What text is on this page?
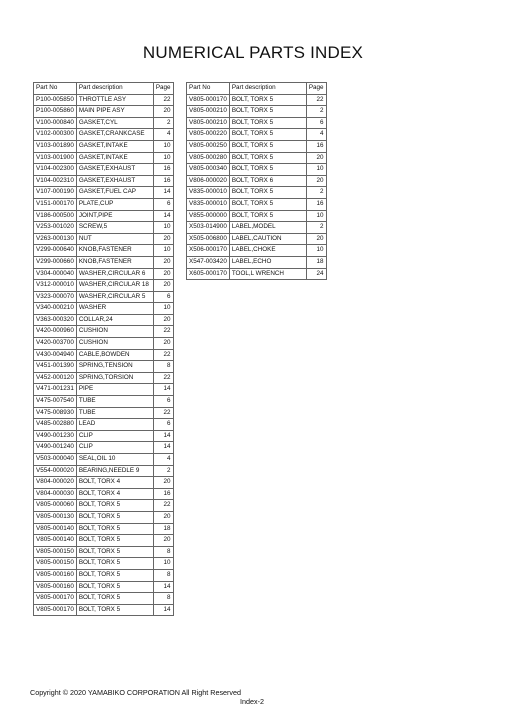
NUMERICAL PARTS INDEX
Part No	Part description	Page
P100-005850	THROTTLE ASY	22
P100-005860	MAIN PIPE ASY	20
V100-000840	GASKET,CYL	2
V102-000300	GASKET,CRANKCASE	4
V103-001890	GASKET,INTAKE	10
V103-001900	GASKET,INTAKE	10
V104-002300	GASKET,EXHAUST	16
V104-002310	GASKET,EXHAUST	16
V107-000190	GASKET,FUEL CAP	14
V151-000170	PLATE,CUP	6
V186-000500	JOINT,PIPE	14
V253-001020	SCREW,5	10
V263-000130	NUT	20
V299-000640	KNOB,FASTENER	10
V299-000660	KNOB,FASTENER	20
V304-000040	WASHER,CIRCULAR 6	20
V312-000010	WASHER,CIRCULAR 18	20
V323-000070	WASHER,CIRCULAR 5	6
V340-000210	WASHER	10
V363-000320	COLLAR,24	20
V420-000960	CUSHION	22
V420-003700	CUSHION	20
V430-004940	CABLE,BOWDEN	22
V451-001390	SPRING,TENSION	8
V452-000120	SPRING,TORSION	22
V471-001231	PIPE	14
V475-007540	TUBE	6
V475-008930	TUBE	22
V485-002880	LEAD	6
V490-001230	CLIP	14
V490-001240	CLIP	14
V503-000040	SEAL,OIL 10	4
V554-000020	BEARING,NEEDLE 9	2
V804-000020	BOLT, TORX 4	20
V804-000030	BOLT, TORX 4	16
V805-000060	BOLT, TORX 5	22
V805-000130	BOLT, TORX 5	20
V805-000140	BOLT, TORX 5	18
V805-000140	BOLT, TORX 5	20
V805-000150	BOLT, TORX 5	8
V805-000150	BOLT, TORX 5	10
V805-000160	BOLT, TORX 5	8
V805-000160	BOLT, TORX 5	14
V805-000170	BOLT, TORX 5	8
V805-000170	BOLT, TORX 5	14
Part No	Part description	Page
V805-000170	BOLT, TORX 5	22
V805-000210	BOLT, TORX 5	2
V805-000210	BOLT, TORX 5	6
V805-000220	BOLT, TORX 5	4
V805-000250	BOLT, TORX 5	16
V805-000280	BOLT, TORX 5	20
V805-000340	BOLT, TORX 5	10
V806-000020	BOLT, TORX 6	20
V835-000010	BOLT, TORX 5	2
V835-000010	BOLT, TORX 5	16
V855-000000	BOLT, TORX 5	10
X503-014900	LABEL,MODEL	2
X505-006800	LABEL,CAUTION	20
X506-000170	LABEL,CHOKE	10
X547-003420	LABEL,ECHO	18
X605-000170	TOOL,L WRENCH	24
Copyright © 2020 YAMABIKO CORPORATION All Right Reserved
Index-2
